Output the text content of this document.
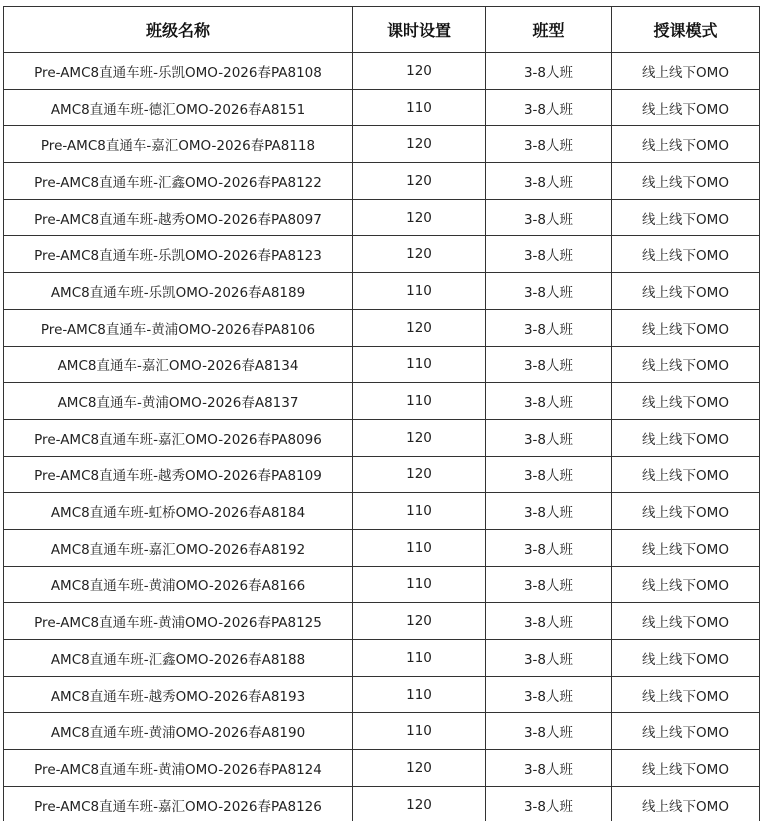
班级名称	课时设置	班型	授课模式
Pre-AMC8直通车班-乐凯OMO-2026春PA8108	120	3-8人班	线上线下OMO
AMC8直通车班-德汇OMO-2026春A8151	110	3-8人班	线上线下OMO
Pre-AMC8直通车-嘉汇OMO-2026春PA8118	120	3-8人班	线上线下OMO
Pre-AMC8直通车班-汇鑫OMO-2026春PA8122	120	3-8人班	线上线下OMO
Pre-AMC8直通车班-越秀OMO-2026春PA8097	120	3-8人班	线上线下OMO
Pre-AMC8直通车班-乐凯OMO-2026春PA8123	120	3-8人班	线上线下OMO
AMC8直通车班-乐凯OMO-2026春A8189	110	3-8人班	线上线下OMO
Pre-AMC8直通车-黄浦OMO-2026春PA8106	120	3-8人班	线上线下OMO
AMC8直通车-嘉汇OMO-2026春A8134	110	3-8人班	线上线下OMO
AMC8直通车-黄浦OMO-2026春A8137	110	3-8人班	线上线下OMO
Pre-AMC8直通车班-嘉汇OMO-2026春PA8096	120	3-8人班	线上线下OMO
Pre-AMC8直通车班-越秀OMO-2026春PA8109	120	3-8人班	线上线下OMO
AMC8直通车班-虹桥OMO-2026春A8184	110	3-8人班	线上线下OMO
AMC8直通车班-嘉汇OMO-2026春A8192	110	3-8人班	线上线下OMO
AMC8直通车班-黄浦OMO-2026春A8166	110	3-8人班	线上线下OMO
Pre-AMC8直通车班-黄浦OMO-2026春PA8125	120	3-8人班	线上线下OMO
AMC8直通车班-汇鑫OMO-2026春A8188	110	3-8人班	线上线下OMO
AMC8直通车班-越秀OMO-2026春A8193	110	3-8人班	线上线下OMO
AMC8直通车班-黄浦OMO-2026春A8190	110	3-8人班	线上线下OMO
Pre-AMC8直通车班-黄浦OMO-2026春PA8124	120	3-8人班	线上线下OMO
Pre-AMC8直通车班-嘉汇OMO-2026春PA8126	120	3-8人班	线上线下OMO
